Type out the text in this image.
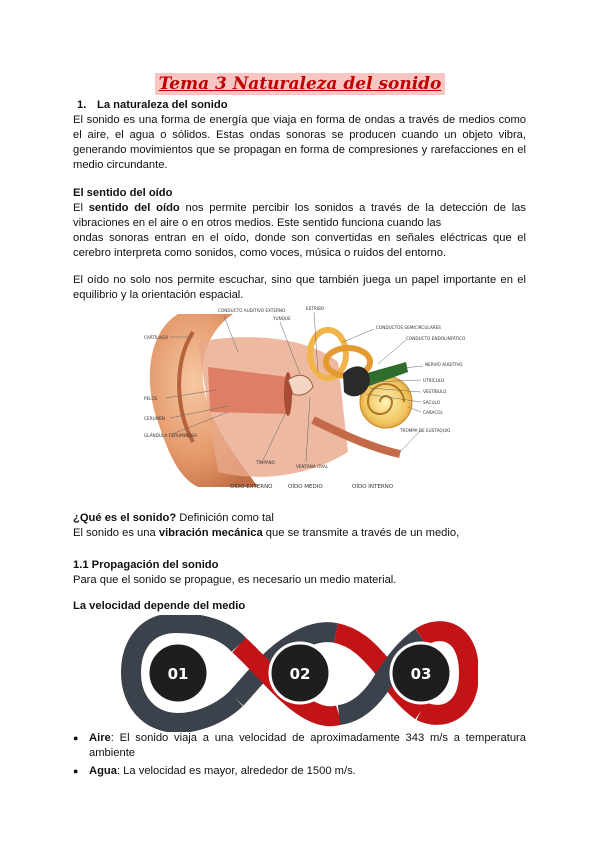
Tema 3 Naturaleza del sonido
1. La naturaleza del sonido
El sonido es una forma de energía que viaja en forma de ondas a través de medios como el aire, el agua o sólidos. Estas ondas sonoras se producen cuando un objeto vibra, generando movimientos que se propagan en forma de compresiones y rarefacciones en el medio circundante.
El sentido del oído
El sentido del oído nos permite percibir los sonidos a través de la detección de las vibraciones en el aire o en otros medios. Este sentido funciona cuando las
ondas sonoras entran en el oído, donde son convertidas en señales eléctricas que el cerebro interpreta como sonidos, como voces, música o ruidos del entorno.
El oído no solo nos permite escuchar, sino que también juega un papel importante en el equilibrio y la orientación espacial.
CARTÍLAGO
CONDUCTO AUDITIVO EXTERNO
YUNQUE
ESTRIBO
CONDUCTOS SEMICIRCULARES
CONDUCTO ENDOLINFÁTICO
NERVIO AUDITIVO
UTRÍCULO
VESTÍBULO
SÁCULO
CARACOL
TROMPA DE EUSTAQUIO
PELOS
CERUMEN
GLÁNDULA CERUMINOSA
TÍMPANO
VENTANA OVAL
OÍDO EXTERNO	OÍDO MEDIO	OÍDO INTERNO
¿Qué es el sonido? Definición como tal
El sonido es una vibración mecánica que se transmite a través de un medio,
1.1 Propagación del sonido
Para que el sonido se propague, es necesario un medio material.
La velocidad depende del medio
›››	‹‹‹
01	02	03
● Aire: El sonido viaja a una velocidad de aproximadamente 343 m/s a temperatura ambiente
● Agua: La velocidad es mayor, alrededor de 1500 m/s.
